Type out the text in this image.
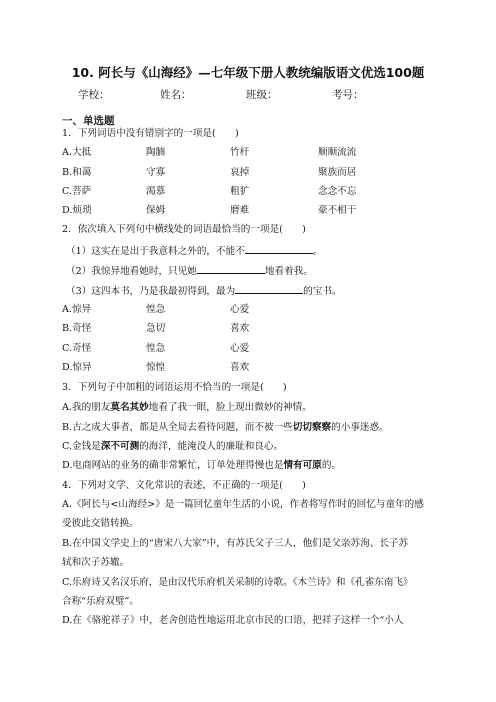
10. 阿长与《山海经》—七年级下册人教统编版语文优选100题
学校：	姓名：	班级：	考号：
一、单选题
1．下列词语中没有错别字的一项是(　　)
A.大抵	陶腩	竹杆	顺顺流流
B.和蔼	守寡	哀掉	聚族而居
C.菩萨	渴慕	粗犷	念念不忘
D.烦琐	保姆	磨难	豪不相干
2．依次填入下列句中横线处的词语最恰当的一项是(　　)
（1）这实在是出于我意料之外的，不能不	。
（2）我惊异地看她时，只见她	地看着我。
（3）这四本书，乃是我最初得到，最为	的宝书。
A.惊异	惶急	心爱
B.奇怪	急切	喜欢
C.奇怪	惶急	心爱
D.惊异	惊惶	喜欢
3．下列句子中加粗的词语运用不恰当的一项是(　　)
A.我的朋友莫名其妙地看了我一眼，脸上现出微妙的神情。
B.古之成大事者，都是从全局去看待问题，而不被一些切切察察的小事迷惑。
C.金钱是深不可测的海洋，能淹没人的廉耻和良心。
D.电商网站的业务的确非常繁忙，订单处理得慢也是情有可原的。
4．下列对文学、文化常识的表述，不正确的一项是(　　)
A.《阿长与<山海经>》是一篇回忆童年生活的小说，作者将写作时的回忆与童年的感
受彼此交错转换。
B.在中国文学史上的“唐宋八大家”中，有苏氏父子三人，他们是父亲苏洵、长子苏
轼和次子苏辙。
C.乐府诗又名汉乐府，是由汉代乐府机关采制的诗歌。《木兰诗》和《孔雀东南飞》
合称“乐府双璧”。
D.在《骆驼祥子》中，老舍创造性地运用北京市民的口语，把祥子这样一个“小人
